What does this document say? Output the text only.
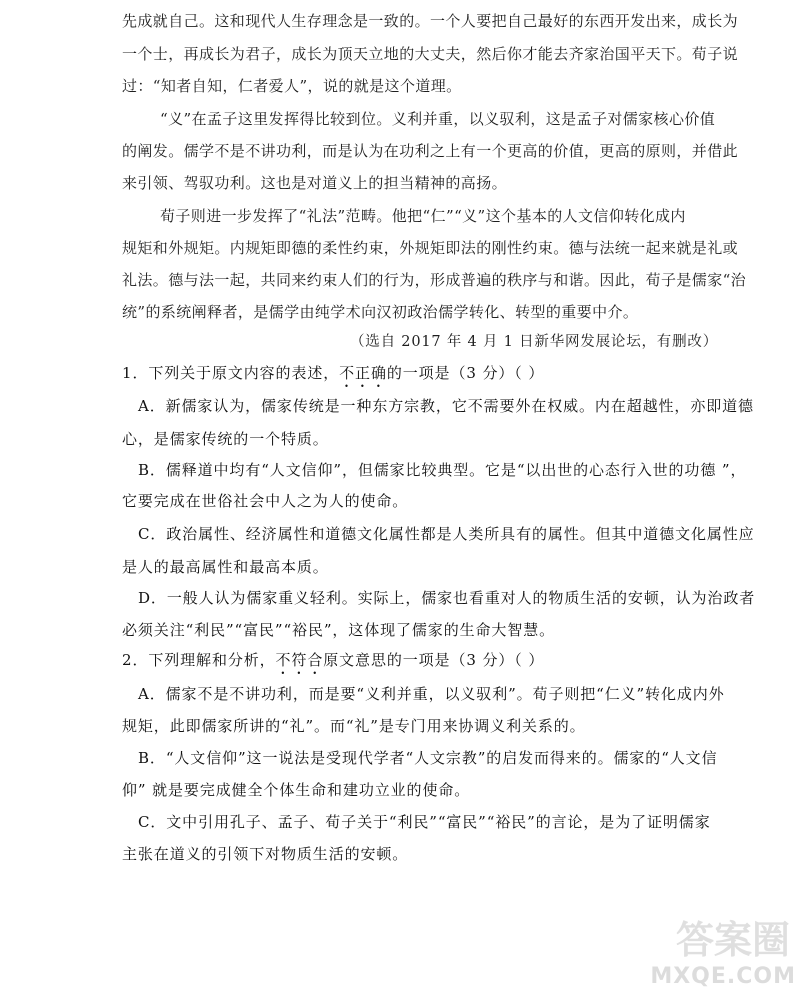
先成就自己。这和现代人生存理念是一致的。一个人要把自己最好的东西开发出来，成长为
一个士，再成长为君子，成长为顶天立地的大丈夫，然后你才能去齐家治国平天下。荀子说
过：“知者自知，仁者爱人”，说的就是这个道理。
“义”在孟子这里发挥得比较到位。义利并重，以义驭利，这是孟子对儒家核心价值
的阐发。儒学不是不讲功利，而是认为在功利之上有一个更高的价值，更高的原则，并借此
来引领、驾驭功利。这也是对道义上的担当精神的高扬。
荀子则进一步发挥了“礼法”范畴。他把“仁”“义”这个基本的人文信仰转化成内
规矩和外规矩。内规矩即德的柔性约束，外规矩即法的刚性约束。德与法统一起来就是礼或
礼法。德与法一起，共同来约束人们的行为，形成普遍的秩序与和谐。因此，荀子是儒家“治
统”的系统阐释者，是儒学由纯学术向汉初政治儒学转化、转型的重要中介。
（选自 2017 年 4 月 1 日新华网发展论坛，有删改）
1．下列关于原文内容的表述，不正确的一项是（3 分）（ ）
A．新儒家认为，儒家传统是一种东方宗教，它不需要外在权威。内在超越性，亦即道德
心，是儒家传统的一个特质。
B．儒释道中均有“人文信仰”，但儒家比较典型。它是“以出世的心态行入世的功德 ”，
它要完成在世俗社会中人之为人的使命。
C．政治属性、经济属性和道德文化属性都是人类所具有的属性。但其中道德文化属性应
是人的最高属性和最高本质。
D．一般人认为儒家重义轻利。实际上，儒家也看重对人的物质生活的安顿，认为治政者
必须关注“利民”“富民”“裕民”，这体现了儒家的生命大智慧。
2．下列理解和分析，不符合原文意思的一项是（3 分）（ ）
A．儒家不是不讲功利，而是要“义利并重，以义驭利”。荀子则把“仁义”转化成内外
规矩，此即儒家所讲的“礼”。而“礼”是专门用来协调义利关系的。
B．“人文信仰”这一说法是受现代学者“人文宗教”的启发而得来的。儒家的“人文信
仰” 就是要完成健全个体生命和建功立业的使命。
C．文中引用孔子、孟子、荀子关于“利民”“富民”“裕民”的言论，是为了证明儒家
主张在道义的引领下对物质生活的安顿。
答案圈
MXQE.COM
